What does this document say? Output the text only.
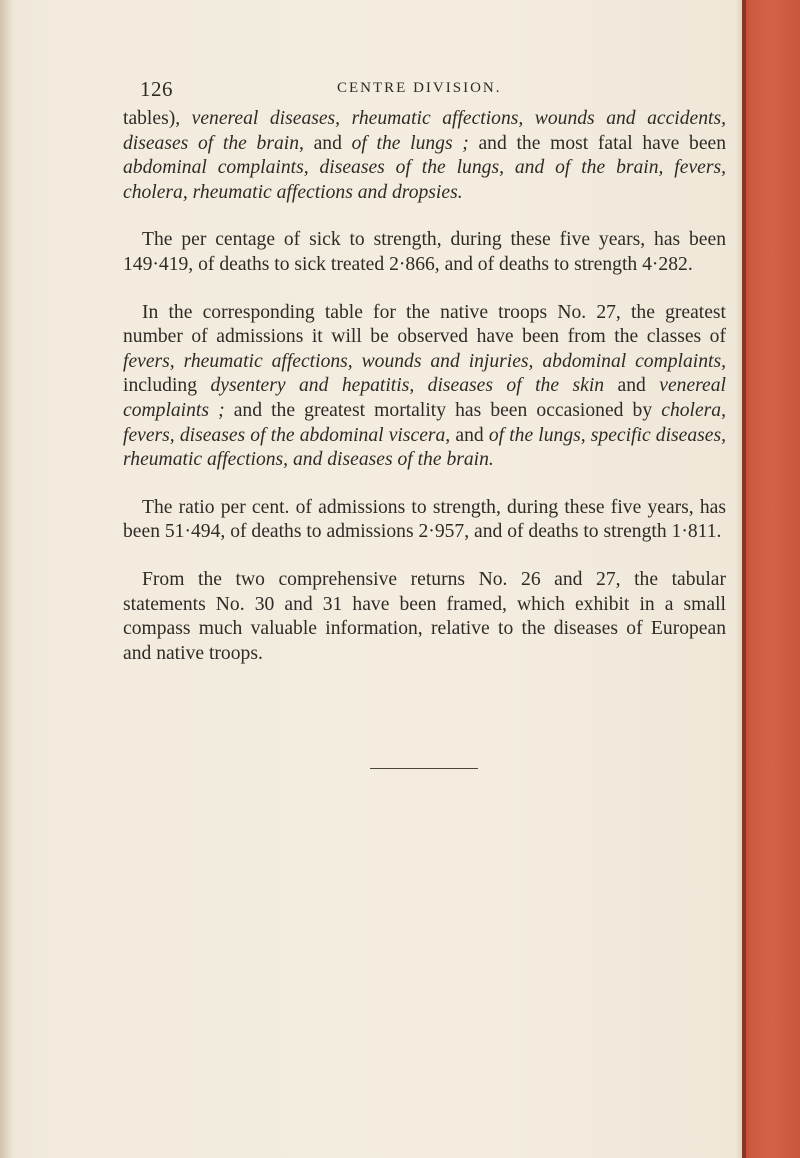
126	CENTRE DIVISION.

tables), venereal diseases, rheumatic affections, wounds and accidents, diseases of the brain, and of the lungs ; and the most fatal have been abdominal complaints, diseases of the lungs, and of the brain, fevers, cholera, rheumatic affections and dropsies.

The per centage of sick to strength, during these five years, has been 149·419, of deaths to sick treated 2·866, and of deaths to strength 4·282.

In the corresponding table for the native troops No. 27, the greatest number of admissions it will be observed have been from the classes of fevers, rheumatic affections, wounds and injuries, abdominal complaints, including dysentery and hepatitis, diseases of the skin and venereal complaints ; and the greatest mortality has been occasioned by cholera, fevers, diseases of the abdominal viscera, and of the lungs, specific diseases, rheumatic affections, and diseases of the brain.

The ratio per cent. of admissions to strength, during these five years, has been 51·494, of deaths to admissions 2·957, and of deaths to strength 1·811.

From the two comprehensive returns No. 26 and 27, the tabular statements No. 30 and 31 have been framed, which exhibit in a small compass much valuable information, relative to the diseases of European and native troops.
